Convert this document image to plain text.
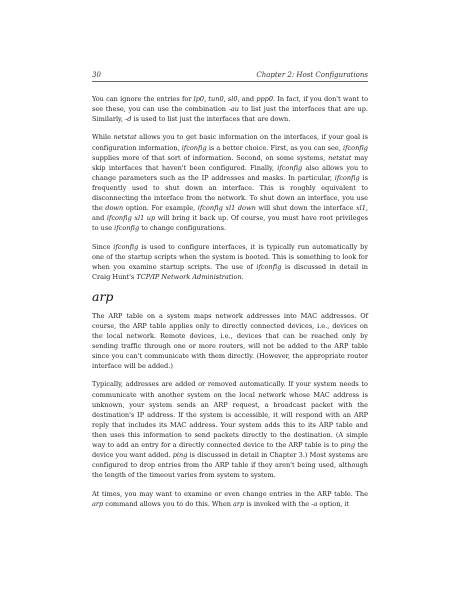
30	Chapter 2: Host Configurations

You can ignore the entries for lp0, tun0, sl0, and ppp0. In fact, if you don't want to see these, you can use the combination -au to list just the interfaces that are up. Similarly, -d is used to list just the interfaces that are down.

While netstat allows you to get basic information on the interfaces, if your goal is configuration information, ifconfig is a better choice. First, as you can see, ifconfig supplies more of that sort of information. Second, on some systems, netstat may skip interfaces that haven't been configured. Finally, ifconfig also allows you to change parameters such as the IP addresses and masks. In particular, ifconfig is frequently used to shut down an interface. This is roughly equivalent to disconnecting the interface from the network. To shut down an interface, you use the down option. For example, ifconfig xl1 down will shut down the interface xl1, and ifconfig xl1 up will bring it back up. Of course, you must have root privileges to use ifconfig to change configurations.

Since ifconfig is used to configure interfaces, it is typically run automatically by one of the startup scripts when the system is booted. This is something to look for when you examine startup scripts. The use of ifconfig is discussed in detail in Craig Hunt's TCP/IP Network Administration.

arp

The ARP table on a system maps network addresses into MAC addresses. Of course, the ARP table applies only to directly connected devices, i.e., devices on the local network. Remote devices, i.e., devices that can be reached only by sending traffic through one or more routers, will not be added to the ARP table since you can't communicate with them directly. (However, the appropriate router interface will be added.)

Typically, addresses are added or removed automatically. If your system needs to communicate with another system on the local network whose MAC address is unknown, your system sends an ARP request, a broadcast packet with the destination's IP address. If the system is accessible, it will respond with an ARP reply that includes its MAC address. Your system adds this to its ARP table and then uses this information to send packets directly to the destination. (A simple way to add an entry for a directly connected device to the ARP table is to ping the device you want added. ping is discussed in detail in Chapter 3.) Most systems are configured to drop entries from the ARP table if they aren't being used, although the length of the timeout varies from system to system.

At times, you may want to examine or even change entries in the ARP table. The arp command allows you to do this. When arp is invoked with the -a option, it
